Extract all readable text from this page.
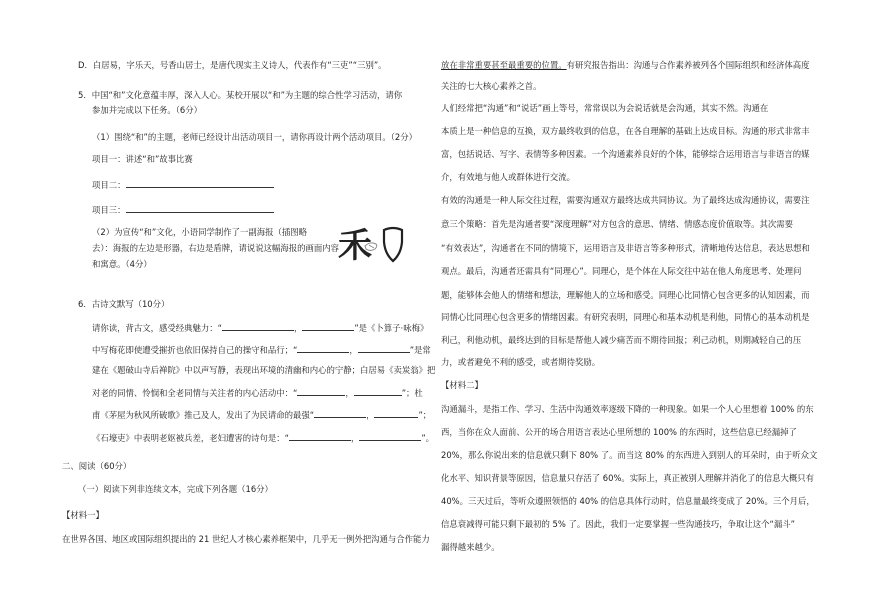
D．白居易，字乐天，号香山居士，是唐代现实主义诗人，代表作有“三吏”“三别”。
5．中国“和”文化意蕴丰厚，深入人心。某校开展以“和”为主题的综合性学习活动，请你
参加并完成以下任务。（6分）
（1）围绕“和”的主题，老师已经设计出活动项目一，请你再设计两个活动项目。（2分）
项目一：讲述“和”故事比赛
项目二：
项目三：
（2）为宣传“和”文化，小语同学制作了一副海报（插图略
去）：海报的左边是形器，右边是盾牌，请说说这幅海报的画面内容
和寓意。（4分）
6．古诗文默写（10分）
请你读，背古文，感受经典魅力：“	，	”是《卜算子·咏梅》
中写梅花即使遭受摧折也依旧保持自己的操守和品行；“	，	”是常
建在《题破山寺后禅院》中以声写静，表现出环境的清幽和内心的宁静；白居易《卖炭翁》把
对老的同情、怜悯和全老同情与关注者的内心活动中：“	，	”；杜
甫《茅屋为秋风所破歌》推己及人，发出了为民请命的最强“	，	”；
《石壕吏》中表明老妪被兵差，老妇遭害的诗句是：“	，	”。
二、阅读（60分）
（一）阅读下列非连续文本，完成下列各题（16分）
【材料一】
在世界各国、地区或国际组织提出的 21 世纪人才核心素养框架中，几乎无一例外把沟通与合作能力
禾
放在非常重要甚至最重要的位置。有研究报告指出：沟通与合作素养被列各个国际组织和经济体高度
关注的七大核心素养之首。
人们经常把“沟通”和“说话”画上等号，常常误以为会说话就是会沟通，其实不然。沟通在
本质上是一种信息的互换，双方最终收到的信息，在各自理解的基础上达成目标。沟通的形式非常丰
富，包括说话、写字、表情等多种因素。一个沟通素养良好的个体，能够综合运用语言与非语言的媒
介，有效地与他人或群体进行交流。
有效的沟通是一种人际交往过程，需要沟通双方最终达成共同协议。为了最终达成沟通协议，需要注
意三个策略：首先是沟通者要“深度理解”对方包含的意思、情绪、情感态度价值取等。其次需要
“有效表达”，沟通者在不同的情境下，运用语言及非语言等多种形式，清晰地传达信息，表达思想和
观点。最后，沟通者还需具有“同理心”。同理心，是个体在人际交往中站在他人角度思考、处理问
题，能够体会他人的情绪和想法，理解他人的立场和感受。同理心比同情心包含更多的认知因素，而
同情心比同理心包含更多的情绪因素。有研究表明，同理心和基本动机是利他，同情心的基本动机是
利己，利他动机，最终达到的目标是帮他人减少痛苦而不期待回报；利己动机，则期减轻自己的压
力，或者避免不利的感受，或者期待奖励。
【材料二】
沟通漏斗，是指工作、学习、生活中沟通效率逐级下降的一种现象。如果一个人心里想着 100% 的东
西，当你在众人面前、公开的场合用语言表达心里所想的 100% 的东西时，这些信息已经漏掉了
20%，那么你说出来的信息就只剩下 80% 了。而当这 80% 的东西进入到别人的耳朵时，由于听众文
化水平、知识背景等原因，信息量只存活了 60%。实际上，真正被别人理解并消化了的信息大概只有
40%。三天过后，等听众遵照领悟的 40% 的信息具体行动时，信息量最终变成了 20%。三个月后，
信息衰减得可能只剩下最初的 5% 了。因此，我们一定要掌握一些沟通技巧，争取让这个“漏斗”
漏得越来越少。
